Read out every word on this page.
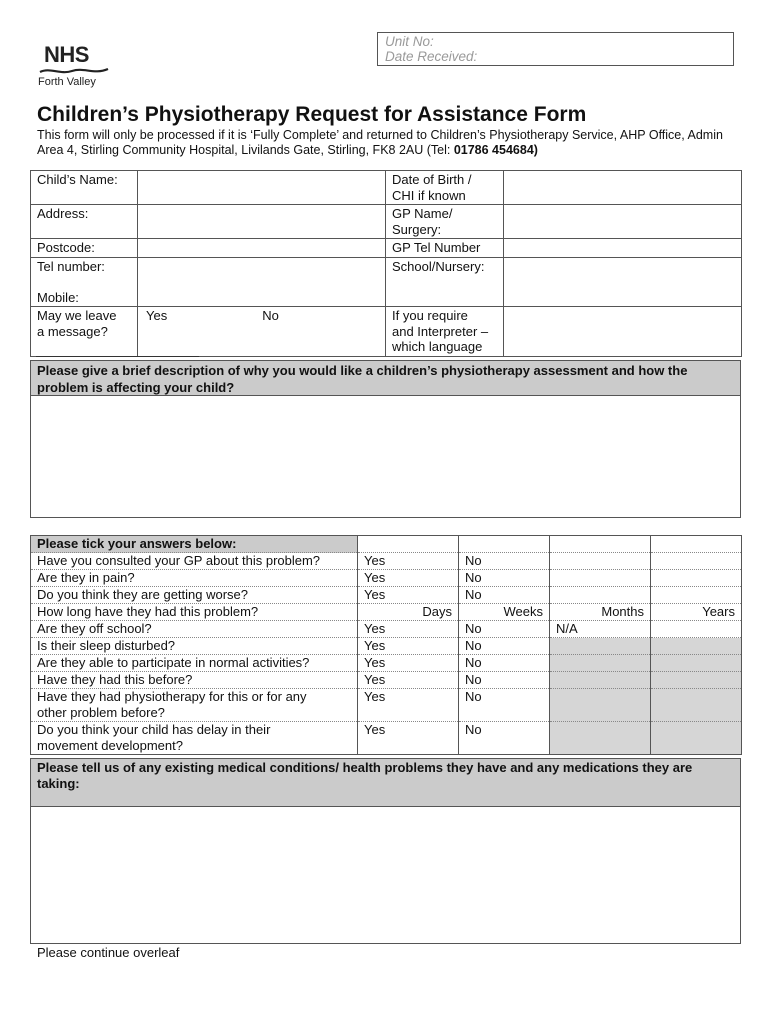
NHS
Forth Valley
Unit No:
Date Received:
Children’s Physiotherapy Request for Assistance Form
This form will only be processed if it is ‘Fully Complete’ and returned to Children’s Physiotherapy Service, AHP Office, Admin Area 4, Stirling Community Hospital, Livilands Gate, Stirling, FK8 2AU (Tel: 01786 454684)
Child’s Name:		Date of Birth /
CHI if known	
Address:		GP Name/
Surgery:	
Postcode:		GP Tel Number	
Tel number:

Mobile:		School/Nursery:	
May we leave
a message?	Yes No	If you require
and Interpreter –
which language	
Please give a brief description of why you would like a children’s physiotherapy assessment and how the problem is affecting your child?
Please tick your answers below:				
Have you consulted your GP about this problem?	Yes	No		
Are they in pain?	Yes	No		
Do you think they are getting worse?	Yes	No		
How long have they had this problem?	Days	Weeks	Months	Years
Are they off school?	Yes	No	N/A	
Is their sleep disturbed?	Yes	No		
Are they able to participate in normal activities?	Yes	No		
Have they had this before?	Yes	No		
Have they had physiotherapy for this or for any
other problem before?	Yes	No		
Do you think your child has delay in their
movement development?	Yes	No		
Please tell us of any existing medical conditions/ health problems they have and any medications they are taking:
Please continue overleaf
